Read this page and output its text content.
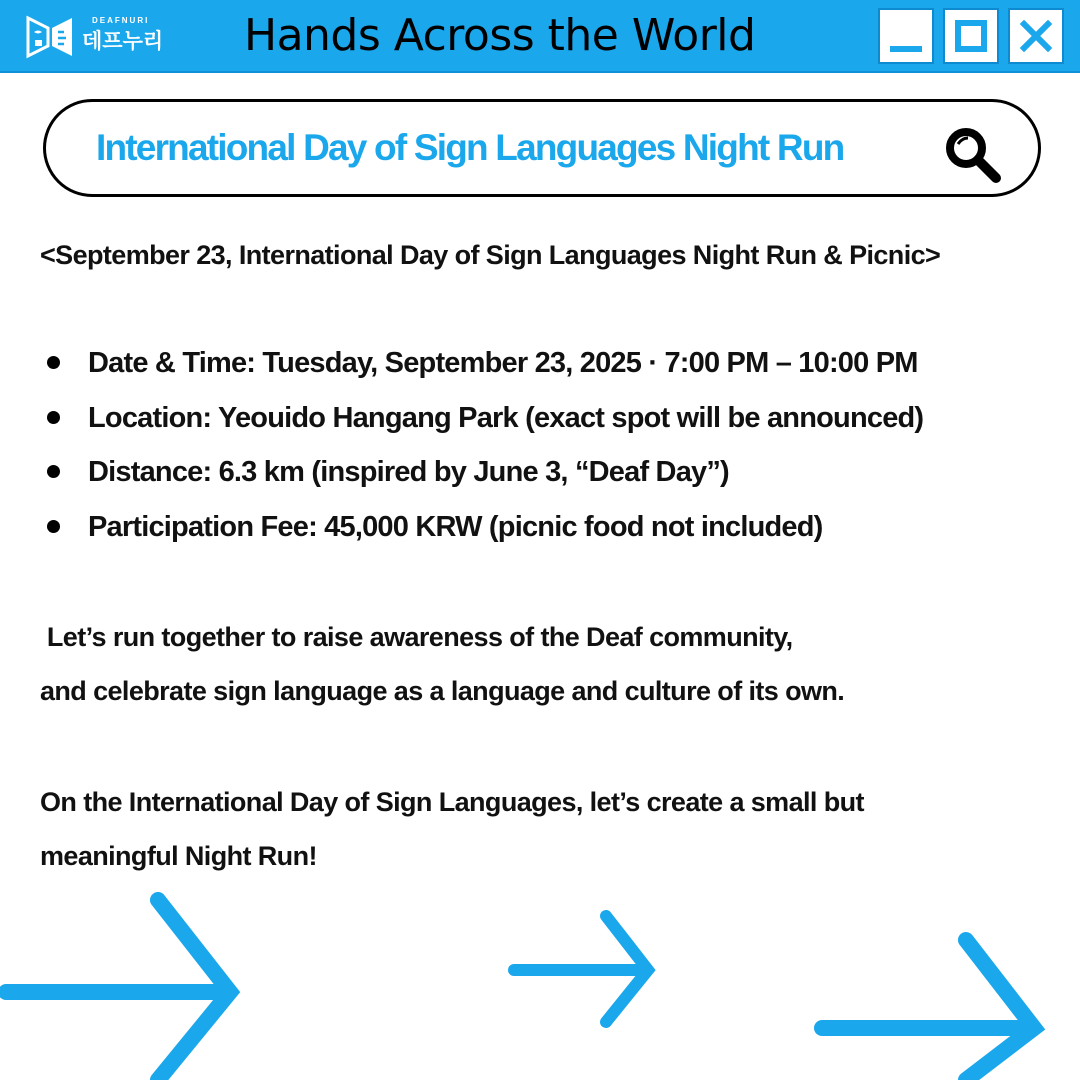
DEAFNURI
데프누리 Hands Across the World
International Day of Sign Languages Night Run
<September 23, International Day of Sign Languages Night Run & Picnic>
Date & Time: Tuesday, September 23, 2025 · 7:00 PM – 10:00 PM
Location: Yeouido Hangang Park (exact spot will be announced)
Distance: 6.3 km (inspired by June 3, “Deaf Day”)
Participation Fee: 45,000 KRW (picnic food not included)
Let’s run together to raise awareness of the Deaf community,
and celebrate sign language as a language and culture of its own.
On the International Day of Sign Languages, let’s create a small but
meaningful Night Run!
